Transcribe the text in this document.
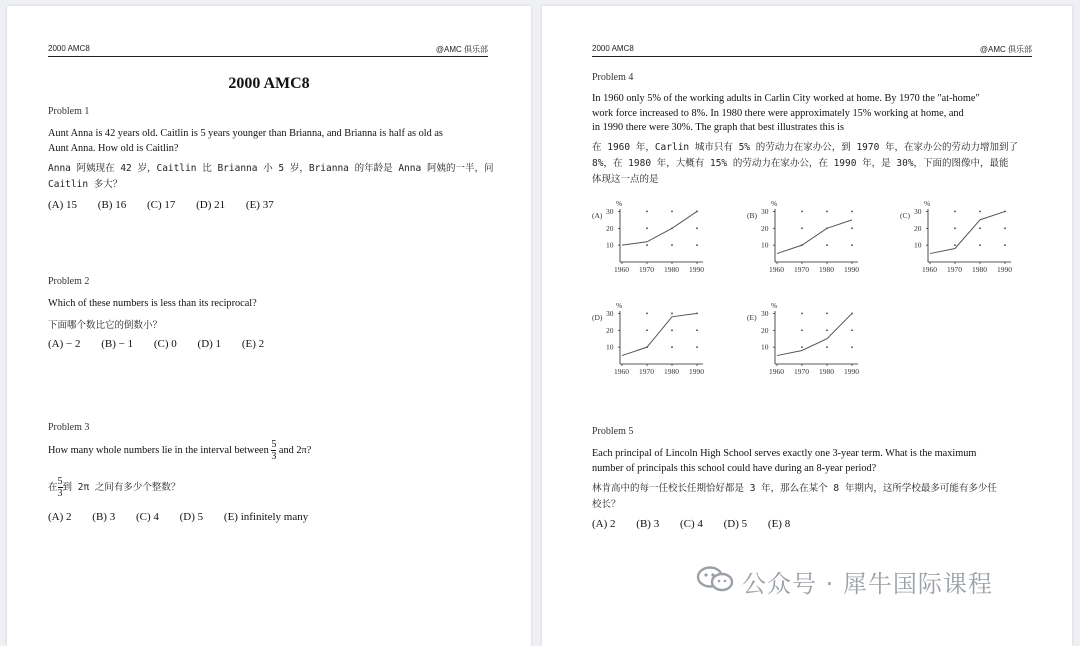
2000 AMC8	@AMC 俱乐部
2000 AMC8
Problem 1
Aunt Anna is 42 years old. Caitlin is 5 years younger than Brianna, and Brianna is half as old as
Aunt Anna. How old is Caitlin?
Anna 阿姨现在 42 岁，Caitlin 比 Brianna 小 5 岁，Brianna 的年龄是 Anna 阿姨的一半，问
Caitlin 多大？
(A) 15 (B) 16 (C) 17 (D) 21 (E) 37
Problem 2
Which of these numbers is less than its reciprocal?
下面哪个数比它的倒数小？
(A) − 2 (B) − 1 (C) 0 (D) 1 (E) 2
Problem 3
How many whole numbers lie in the interval between $\frac{5}{3}$ and 2π?
在 $\frac{5}{3}$ 到 2π 之间有多少个整数？
(A) 2 (B) 3 (C) 4 (D) 5 (E) infinitely many
2000 AMC8	@AMC 俱乐部
Problem 4
In 1960 only 5% of the working adults in Carlin City worked at home. By 1970 the "at-home"
work force increased to 8%. In 1980 there were approximately 15% working at home, and
in 1990 there were 30%. The graph that best illustrates this is
在 1960 年，Carlin 城市只有 5% 的劳动力在家办公，到 1970 年，在家办公的劳动力增加到了
8%，在 1980 年，大概有 15% 的劳动力在家办公，在 1990 年，是 30%，下面的图像中，最能
体现这一点的是
(A)
%
10
20
30
1960 1970 1980 1990
(B)
%
10
20
30
1960 1970 1980 1990
(C)
%
10
20
30
1960 1970 1980 1990
(D)
%
10
20
30
1960 1970 1980 1990
(E)
%
10
20
30
1960 1970 1980 1990
Problem 5
Each principal of Lincoln High School serves exactly one 3-year term. What is the maximum
number of principals this school could have during an 8-year period?
林肯高中的每一任校长任期恰好都是 3 年，那么在某个 8 年期内，这所学校最多可能有多少任
校长？
(A) 2 (B) 3 (C) 4 (D) 5 (E) 8
公众号 · 犀牛国际课程
